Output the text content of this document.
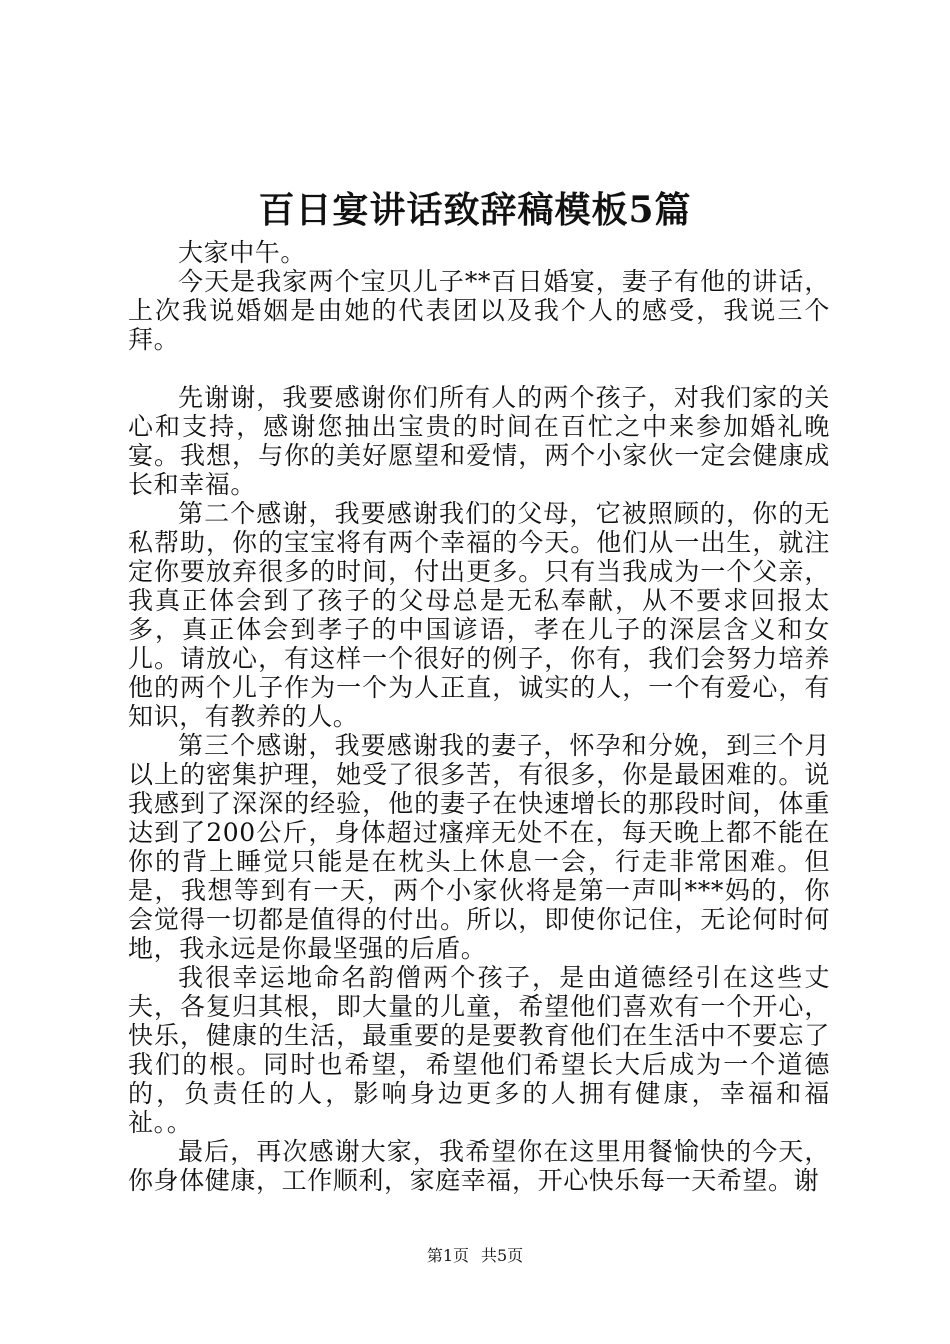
百日宴讲话致辞稿模板5篇

大家中午。

今天是我家两个宝贝儿子**百日婚宴，妻子有他的讲话，上次我说婚姻是由她的代表团以及我个人的感受，我说三个拜。

先谢谢，我要感谢你们所有人的两个孩子，对我们家的关心和支持，感谢您抽出宝贵的时间在百忙之中来参加婚礼晚宴。我想，与你的美好愿望和爱情，两个小家伙一定会健康成长和幸福。

第二个感谢，我要感谢我们的父母，它被照顾的，你的无私帮助，你的宝宝将有两个幸福的今天。他们从一出生，就注定你要放弃很多的时间，付出更多。只有当我成为一个父亲，我真正体会到了孩子的父母总是无私奉献，从不要求回报太多，真正体会到孝子的中国谚语，孝在儿子的深层含义和女儿。请放心，有这样一个很好的例子，你有，我们会努力培养他的两个儿子作为一个为人正直，诚实的人，一个有爱心，有知识，有教养的人。

第三个感谢，我要感谢我的妻子，怀孕和分娩，到三个月以上的密集护理，她受了很多苦，有很多，你是最困难的。说我感到了深深的经验，他的妻子在快速增长的那段时间，体重达到了200公斤，身体超过瘙痒无处不在，每天晚上都不能在你的背上睡觉只能是在枕头上休息一会，行走非常困难。但是，我想等到有一天，两个小家伙将是第一声叫***妈的，你会觉得一切都是值得的付出。所以，即使你记住，无论何时何地，我永远是你最坚强的后盾。

我很幸运地命名韵僧两个孩子，是由道德经引在这些丈夫，各复归其根，即大量的儿童，希望他们喜欢有一个开心，快乐，健康的生活，最重要的是要教育他们在生活中不要忘了我们的根。同时也希望，希望他们希望长大后成为一个道德的，负责任的人，影响身边更多的人拥有健康，幸福和福祉。。

最后，再次感谢大家，我希望你在这里用餐愉快的今天，你身体健康，工作顺利，家庭幸福，开心快乐每一天希望。谢

第1页 共5页
